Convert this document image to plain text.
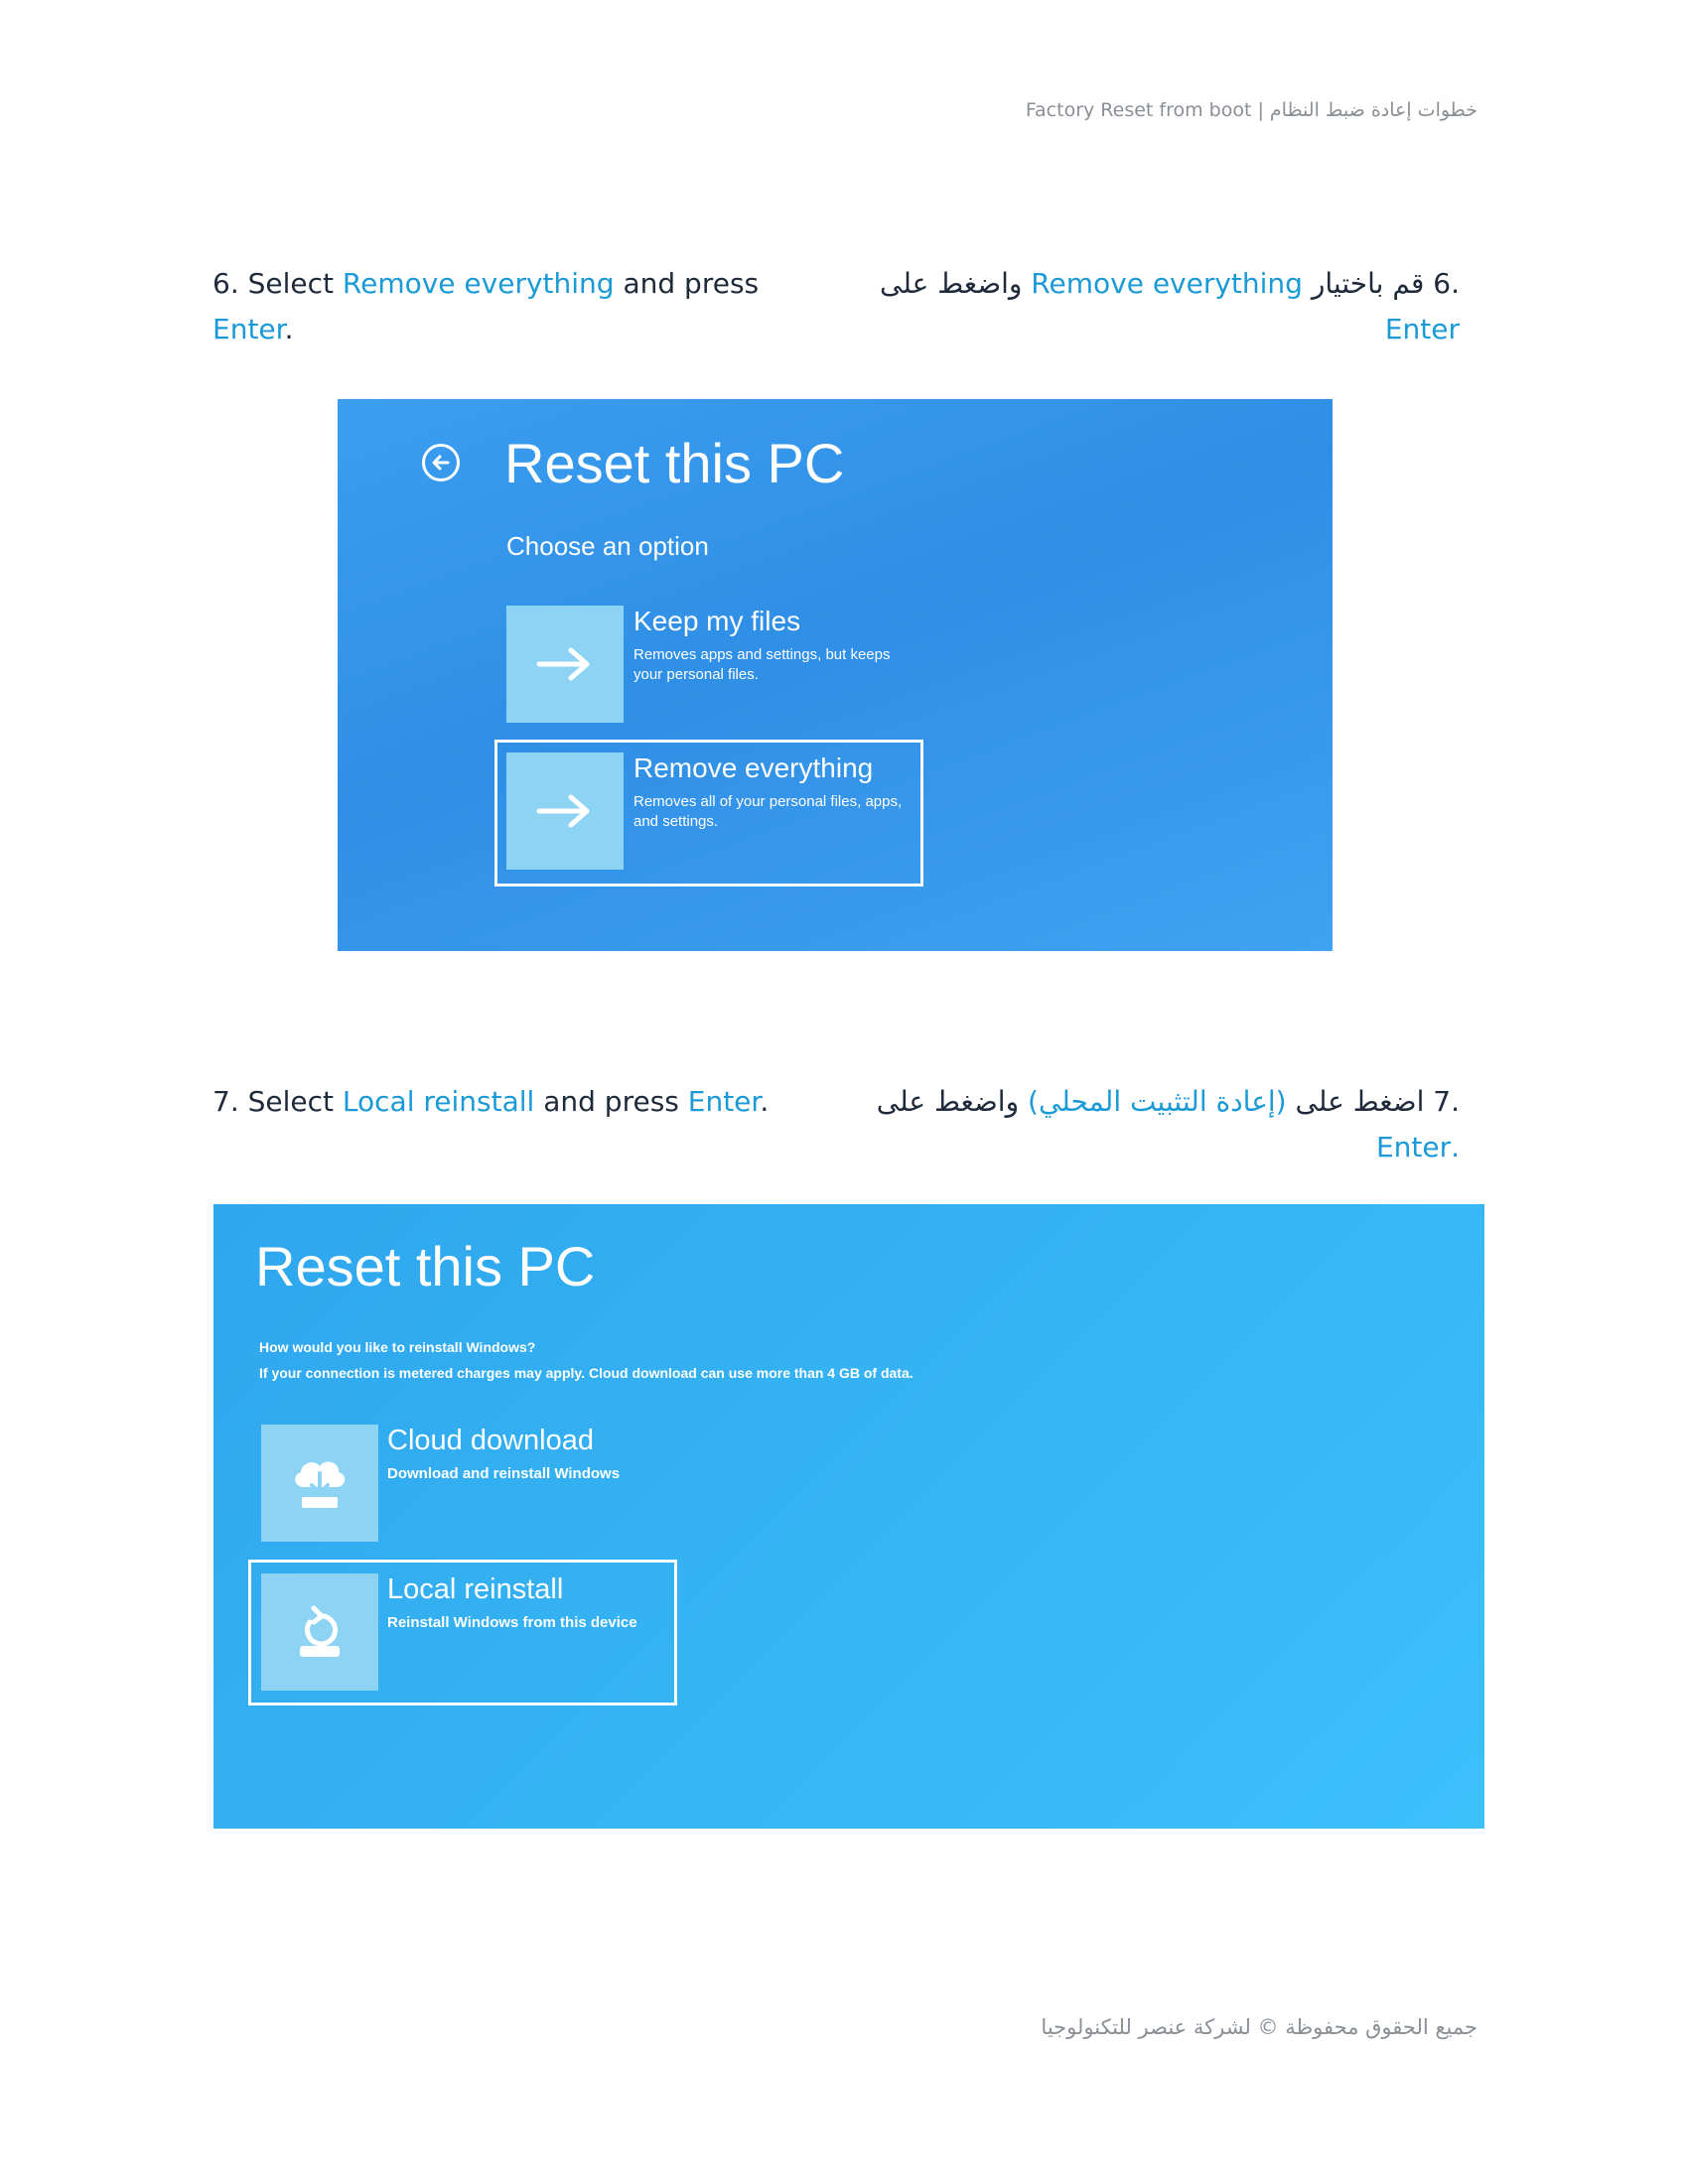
Factory Reset from boot | خطوات إعادة ضبط النظام
6. Select Remove everything and press Enter.
.6 قم باختيار Remove everything واضغط على Enter
Reset this PC
Choose an option
Keep my files
Removes apps and settings, but keeps your personal files.
Remove everything
Removes all of your personal files, apps, and settings.
7. Select Local reinstall and press Enter.	.7 اضغط على (إعادة التثبيت المحلي) واضغط على .Enter
Reset this PC
How would you like to reinstall Windows?
If your connection is metered charges may apply. Cloud download can use more than 4 GB of data.
Cloud download
Download and reinstall Windows
Local reinstall
Reinstall Windows from this device
جميع الحقوق محفوظة © لشركة عنصر للتكنولوجيا
